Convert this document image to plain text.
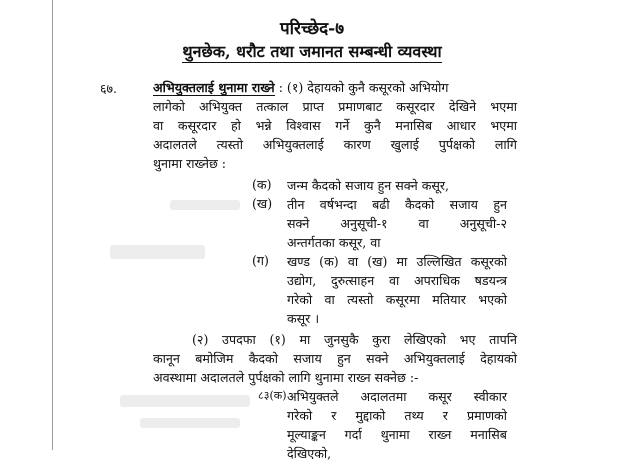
परिच्छेद-७
थुनछेक, धरौट तथा जमानत सम्बन्धी व्यवस्था
६७.	अभियुक्तलाई थुनामा राख्ने : (१) देहायको कुनै कसूरको अभियोग
लागेको अभियुक्त तत्काल प्राप्त प्रमाणबाट कसूरदार देखिने भएमा
वा कसूरदार हो भन्ने विश्वास गर्ने कुनै मनासिब आधार भएमा
अदालतले त्यस्तो अभियुक्तलाई कारण खुलाई पुर्पक्षको लागि
थुनामा राख्नेछ :
(क) जन्म कैदको सजाय हुन सक्ने कसूर,
(ख) तीन वर्षभन्दा बढी कैदको सजाय हुन
सक्ने अनुसूची-१ वा अनुसूची-२
अन्तर्गतका कसूर, वा
(ग) खण्ड (क) वा (ख) मा उल्लिखित कसूरको
उद्योग, दुरुत्साहन वा अपराधिक षडयन्त्र
गरेको वा त्यस्तो कसूरमा मतियार भएको
कसूर ।
(२) उपदफा (१) मा जुनसुकै कुरा लेखिएको भए तापनि
कानून बमोजिम कैदको सजाय हुन सक्ने अभियुक्तलाई देहायको
अवस्थामा अदालतले पुर्पक्षको लागि थुनामा राख्न सक्नेछ :-
८३(क) अभियुक्तले अदालतमा कसूर स्वीकार
गरेको र मुद्दाको तथ्य र प्रमाणको
मूल्याङ्कन गर्दा थुनामा राख्न मनासिब
देखिएको,
